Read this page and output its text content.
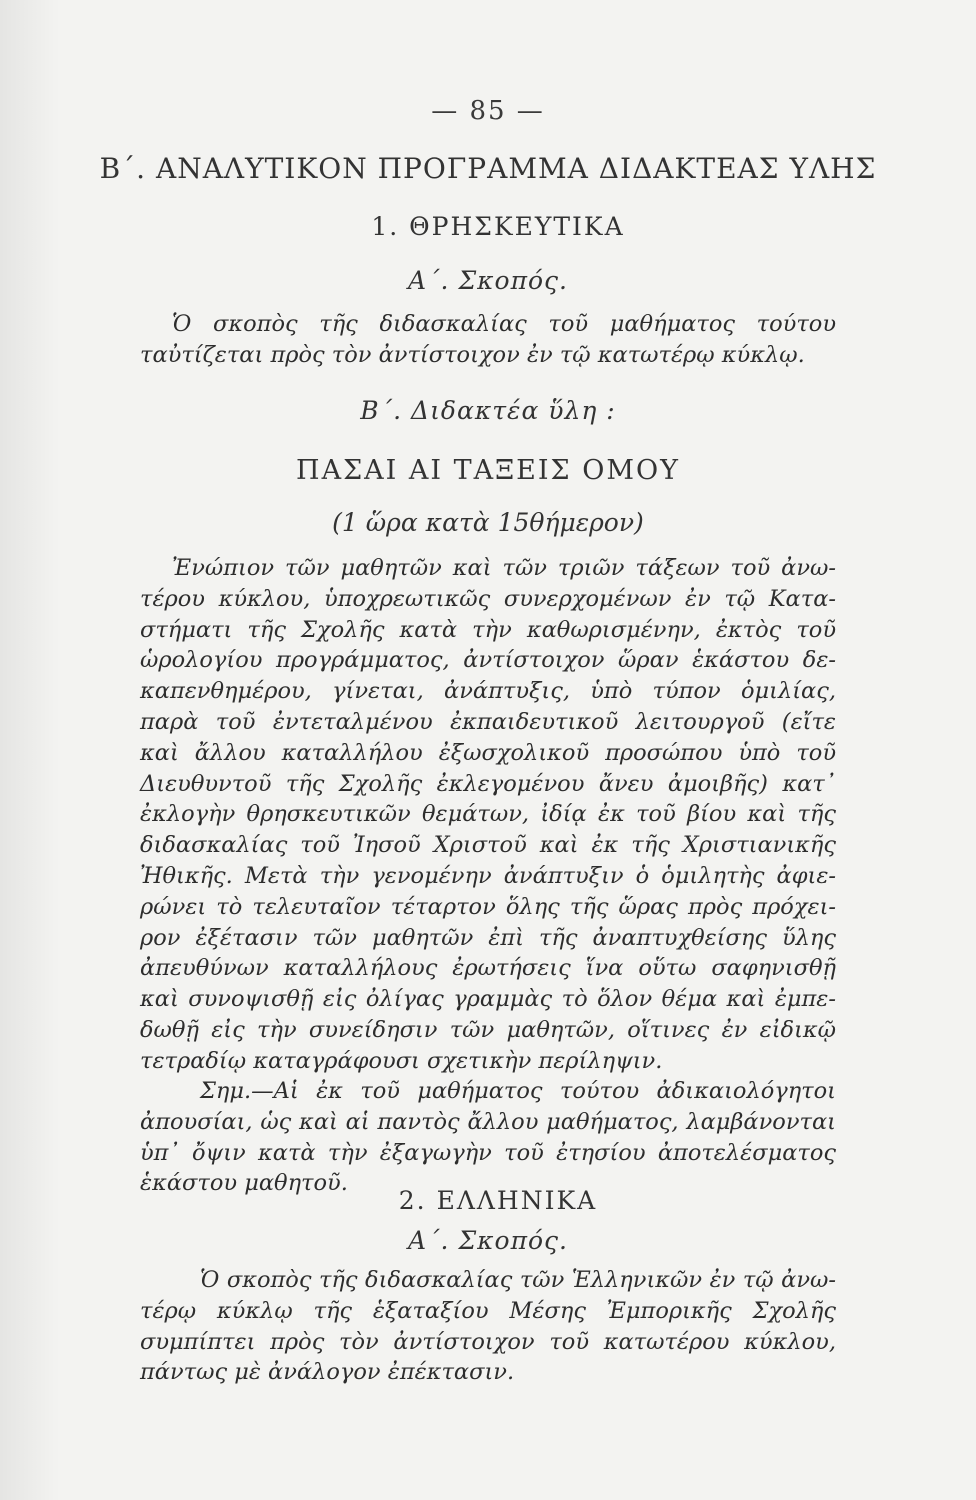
— 85 —
Β΄. ΑΝΑΛΥΤΙΚΟΝ ΠΡΟΓΡΑΜΜΑ ΔΙΔΑΚΤΕΑΣ ΥΛΗΣ
1. ΘΡΗΣΚΕΥΤΙΚΑ
Α΄. Σκοπός.
Ὁ σκοπὸς τῆς διδασκαλίας τοῦ μαθήματος τούτου
ταὐτίζεται πρὸς τὸν ἀντίστοιχον ἐν τῷ κατωτέρῳ κύκλῳ.
Β΄. Διδακτέα ὕλη :
ΠΑΣΑΙ ΑΙ ΤΑΞΕΙΣ ΟΜΟΥ
(1 ὥρα κατὰ 15θήμερον)
Ἐνώπιον τῶν μαθητῶν καὶ τῶν τριῶν τάξεων τοῦ ἀνω-
τέρου κύκλου, ὑποχρεωτικῶς συνερχομένων ἐν τῷ Κατα-
στήματι τῆς Σχολῆς κατὰ τὴν καθωρισμένην, ἐκτὸς τοῦ
ὡρολογίου προγράμματος, ἀντίστοιχον ὥραν ἑκάστου δε-
καπενθημέρου, γίνεται, ἀνάπτυξις, ὑπὸ τύπον ὁμιλίας,
παρὰ τοῦ ἐντεταλμένου ἐκπαιδευτικοῦ λειτουργοῦ (εἴτε
καὶ ἄλλου καταλλήλου ἐξωσχολικοῦ προσώπου ὑπὸ τοῦ
Διευθυντοῦ τῆς Σχολῆς ἐκλεγομένου ἄνευ ἀμοιβῆς) κατ᾽
ἐκλογὴν θρησκευτικῶν θεμάτων, ἰδίᾳ ἐκ τοῦ βίου καὶ τῆς
διδασκαλίας τοῦ Ἰησοῦ Χριστοῦ καὶ ἐκ τῆς Χριστιανικῆς
Ἠθικῆς. Μετὰ τὴν γενομένην ἀνάπτυξιν ὁ ὁμιλητὴς ἀφιε-
ρώνει τὸ τελευταῖον τέταρτον ὅλης τῆς ὥρας πρὸς πρόχει-
ρον ἐξέτασιν τῶν μαθητῶν ἐπὶ τῆς ἀναπτυχθείσης ὕλης
ἀπευθύνων καταλλήλους ἐρωτήσεις ἵνα οὕτω σαφηνισθῇ
καὶ συνοψισθῇ εἰς ὀλίγας γραμμὰς τὸ ὅλον θέμα καὶ ἐμπε-
δωθῇ εἰς τὴν συνείδησιν τῶν μαθητῶν, οἵτινες ἐν εἰδικῷ
τετραδίῳ καταγράφουσι σχετικὴν περίληψιν.
Σημ.—Αἱ ἐκ τοῦ μαθήματος τούτου ἀδικαιολόγητοι
ἀπουσίαι, ὡς καὶ αἱ παντὸς ἄλλου μαθήματος, λαμβάνονται
ὑπ᾽ ὄψιν κατὰ τὴν ἐξαγωγὴν τοῦ ἐτησίου ἀποτελέσματος
ἑκάστου μαθητοῦ.
2. ΕΛΛΗΝΙΚΑ
Α΄. Σκοπός.
Ὁ σκοπὸς τῆς διδασκαλίας τῶν Ἑλληνικῶν ἐν τῷ ἀνω-
τέρῳ κύκλῳ τῆς ἑξαταξίου Μέσης Ἐμπορικῆς Σχολῆς
συμπίπτει πρὸς τὸν ἀντίστοιχον τοῦ κατωτέρου κύκλου,
πάντως μὲ ἀνάλογον ἐπέκτασιν.
